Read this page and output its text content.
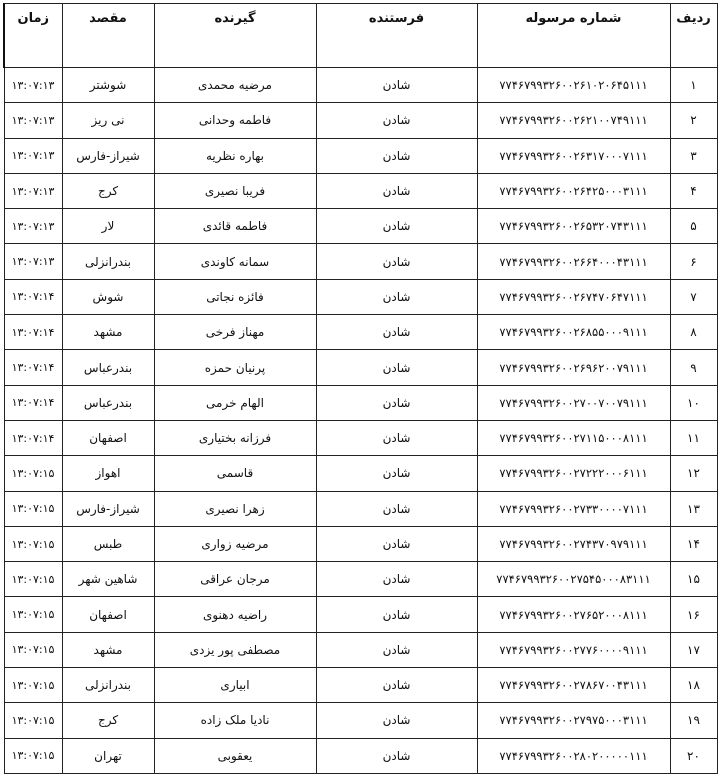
زمان	مقصد	گیرنده	فرستنده	شماره مرسوله	ردیف
۱۳:۰۷:۱۳	شوشتر	مرضیه محمدی	شادن	۷۷۴۶۷۹۹۳۲۶۰۰۲۶۱۰۲۰۶۴۵۱۱۱	۱
۱۳:۰۷:۱۳	نی ریز	فاطمه وحدانی	شادن	۷۷۴۶۷۹۹۳۲۶۰۰۲۶۲۱۰۰۷۴۹۱۱۱	۲
۱۳:۰۷:۱۳	شیراز-فارس	بهاره نظریه	شادن	۷۷۴۶۷۹۹۳۲۶۰۰۲۶۳۱۷۰۰۰۷۱۱۱	۳
۱۳:۰۷:۱۳	کرج	فریبا نصیری	شادن	۷۷۴۶۷۹۹۳۲۶۰۰۲۶۴۲۵۰۰۰۳۱۱۱	۴
۱۳:۰۷:۱۳	لار	فاطمه قائدی	شادن	۷۷۴۶۷۹۹۳۲۶۰۰۲۶۵۳۲۰۷۴۳۱۱۱	۵
۱۳:۰۷:۱۳	بندرانزلی	سمانه کاوندی	شادن	۷۷۴۶۷۹۹۳۲۶۰۰۲۶۶۴۰۰۰۴۳۱۱۱	۶
۱۳:۰۷:۱۴	شوش	فائزه نجاتی	شادن	۷۷۴۶۷۹۹۳۲۶۰۰۲۶۷۴۷۰۶۴۷۱۱۱	۷
۱۳:۰۷:۱۴	مشهد	مهناز فرخی	شادن	۷۷۴۶۷۹۹۳۲۶۰۰۲۶۸۵۵۰۰۰۹۱۱۱	۸
۱۳:۰۷:۱۴	بندرعباس	پرنیان حمزه	شادن	۷۷۴۶۷۹۹۳۲۶۰۰۲۶۹۶۲۰۰۷۹۱۱۱	۹
۱۳:۰۷:۱۴	بندرعباس	الهام خرمی	شادن	۷۷۴۶۷۹۹۳۲۶۰۰۲۷۰۰۷۰۰۷۹۱۱۱	۱۰
۱۳:۰۷:۱۴	اصفهان	فرزانه بختیاری	شادن	۷۷۴۶۷۹۹۳۲۶۰۰۲۷۱۱۵۰۰۰۸۱۱۱	۱۱
۱۳:۰۷:۱۵	اهواز	قاسمی	شادن	۷۷۴۶۷۹۹۳۲۶۰۰۲۷۲۲۲۰۰۰۶۱۱۱	۱۲
۱۳:۰۷:۱۵	شیراز-فارس	زهرا نصیری	شادن	۷۷۴۶۷۹۹۳۲۶۰۰۲۷۳۳۰۰۰۰۷۱۱۱	۱۳
۱۳:۰۷:۱۵	طبس	مرضیه زواری	شادن	۷۷۴۶۷۹۹۳۲۶۰۰۲۷۴۳۷۰۹۷۹۱۱۱	۱۴
۱۳:۰۷:۱۵	شاهین شهر	مرجان عراقی	شادن	۷۷۴۶۷۹۹۳۲۶۰۰۲۷۵۴۵۰۰۰۸۳۱۱۱	۱۵
۱۳:۰۷:۱۵	اصفهان	راضیه دهنوی	شادن	۷۷۴۶۷۹۹۳۲۶۰۰۲۷۶۵۲۰۰۰۸۱۱۱	۱۶
۱۳:۰۷:۱۵	مشهد	مصطفی پور یزدی	شادن	۷۷۴۶۷۹۹۳۲۶۰۰۲۷۷۶۰۰۰۰۹۱۱۱	۱۷
۱۳:۰۷:۱۵	بندرانزلی	ابیاری	شادن	۷۷۴۶۷۹۹۳۲۶۰۰۲۷۸۶۷۰۰۴۳۱۱۱	۱۸
۱۳:۰۷:۱۵	کرج	نادیا ملک زاده	شادن	۷۷۴۶۷۹۹۳۲۶۰۰۲۷۹۷۵۰۰۰۳۱۱۱	۱۹
۱۳:۰۷:۱۵	تهران	یعقوبی	شادن	۷۷۴۶۷۹۹۳۲۶۰۰۲۸۰۲۰۰۰۰۰۱۱۱	۲۰
